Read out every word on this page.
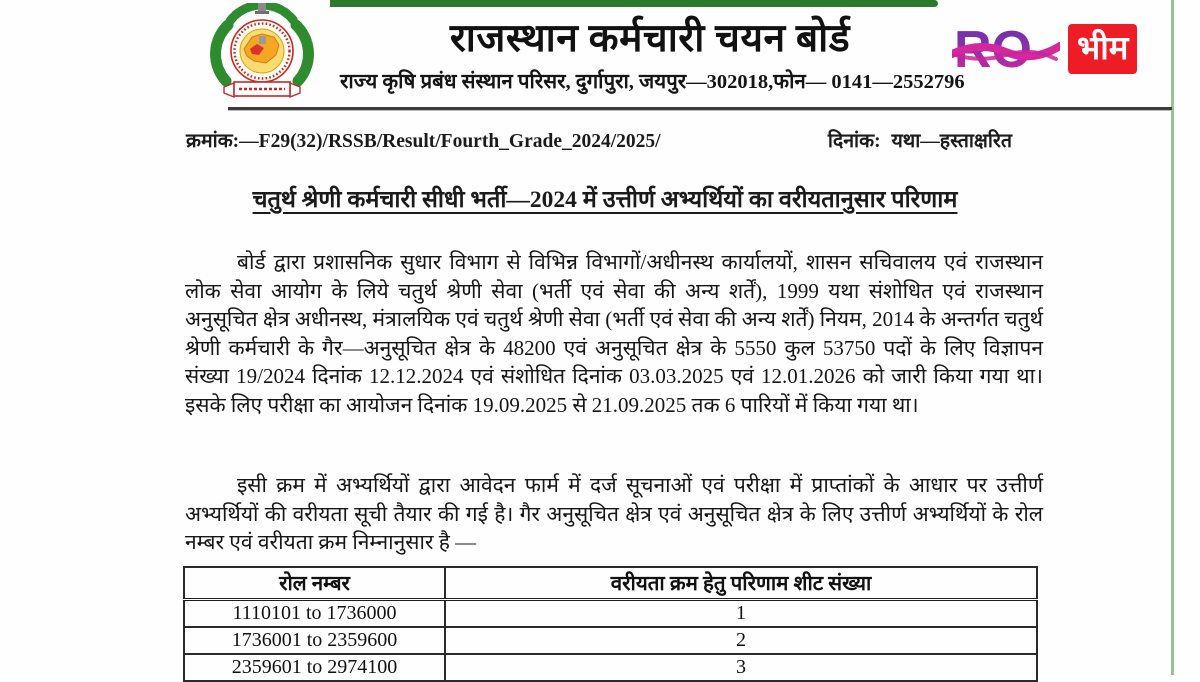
राजस्थान कर्मचारी चयन बोर्ड
राज्य कृषि प्रबंध संस्थान परिसर, दुर्गापुरा, जयपुर—302018,फोन— 0141—2552796
RO भीम
क्रमांक:—F29(32)/RSSB/Result/Fourth_Grade_2024/2025/	दिनांक: यथा—हस्ताक्षरित
चतुर्थ श्रेणी कर्मचारी सीधी भर्ती—2024 में उत्तीर्ण अभ्यर्थियों का वरीयतानुसार परिणाम

बोर्ड द्वारा प्रशासनिक सुधार विभाग से विभिन्न विभागों/अधीनस्थ कार्यालयों, शासन सचिवालय एवं राजस्थान लोक सेवा आयोग के लिये चतुर्थ श्रेणी सेवा (भर्ती एवं सेवा की अन्य शर्तें), 1999 यथा संशोधित एवं राजस्थान अनुसूचित क्षेत्र अधीनस्थ, मंत्रालयिक एवं चतुर्थ श्रेणी सेवा (भर्ती एवं सेवा की अन्य शर्तें) नियम, 2014 के अन्तर्गत चतुर्थ श्रेणी कर्मचारी के गैर—अनुसूचित क्षेत्र के 48200 एवं अनुसूचित क्षेत्र के 5550 कुल 53750 पदों के लिए विज्ञापन संख्या 19/2024 दिनांक 12.12.2024 एवं संशोधित दिनांक 03.03.2025 एवं 12.01.2026 को जारी किया गया था। इसके लिए परीक्षा का आयोजन दिनांक 19.09.2025 से 21.09.2025 तक 6 पारियों में किया गया था।

इसी क्रम में अभ्यर्थियों द्वारा आवेदन फार्म में दर्ज सूचनाओं एवं परीक्षा में प्राप्तांकों के आधार पर उत्तीर्ण अभ्यर्थियों की वरीयता सूची तैयार की गई है। गैर अनुसूचित क्षेत्र एवं अनुसूचित क्षेत्र के लिए उत्तीर्ण अभ्यर्थियों के रोल नम्बर एवं वरीयता क्रम निम्नानुसार है —

रोल नम्बर	वरीयता क्रम हेतु परिणाम शीट संख्या
1110101 to 1736000	1
1736001 to 2359600	2
2359601 to 2974100	3
